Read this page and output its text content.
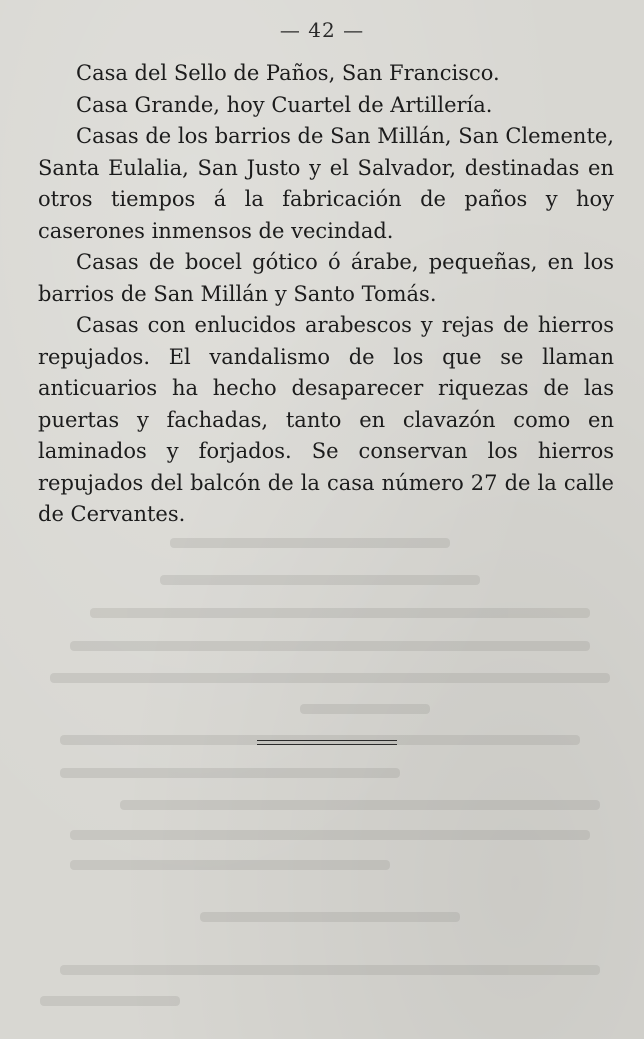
— 42 —

Casa del Sello de Paños, San Francisco.

Casa Grande, hoy Cuartel de Artillería.

Casas de los barrios de San Millán, San Clemente, Santa Eulalia, San Justo y el Salvador, destinadas en otros tiempos á la fabricación de paños y hoy caserones inmensos de vecindad.

Casas de bocel gótico ó árabe, pequeñas, en los barrios de San Millán y Santo Tomás.

Casas con enlucidos arabescos y rejas de hierros repujados. El vandalismo de los que se llaman anticuarios ha hecho desaparecer riquezas de las puertas y fachadas, tanto en clavazón como en laminados y forjados. Se conservan los hierros repujados del balcón de la casa número 27 de la calle de Cervantes.
